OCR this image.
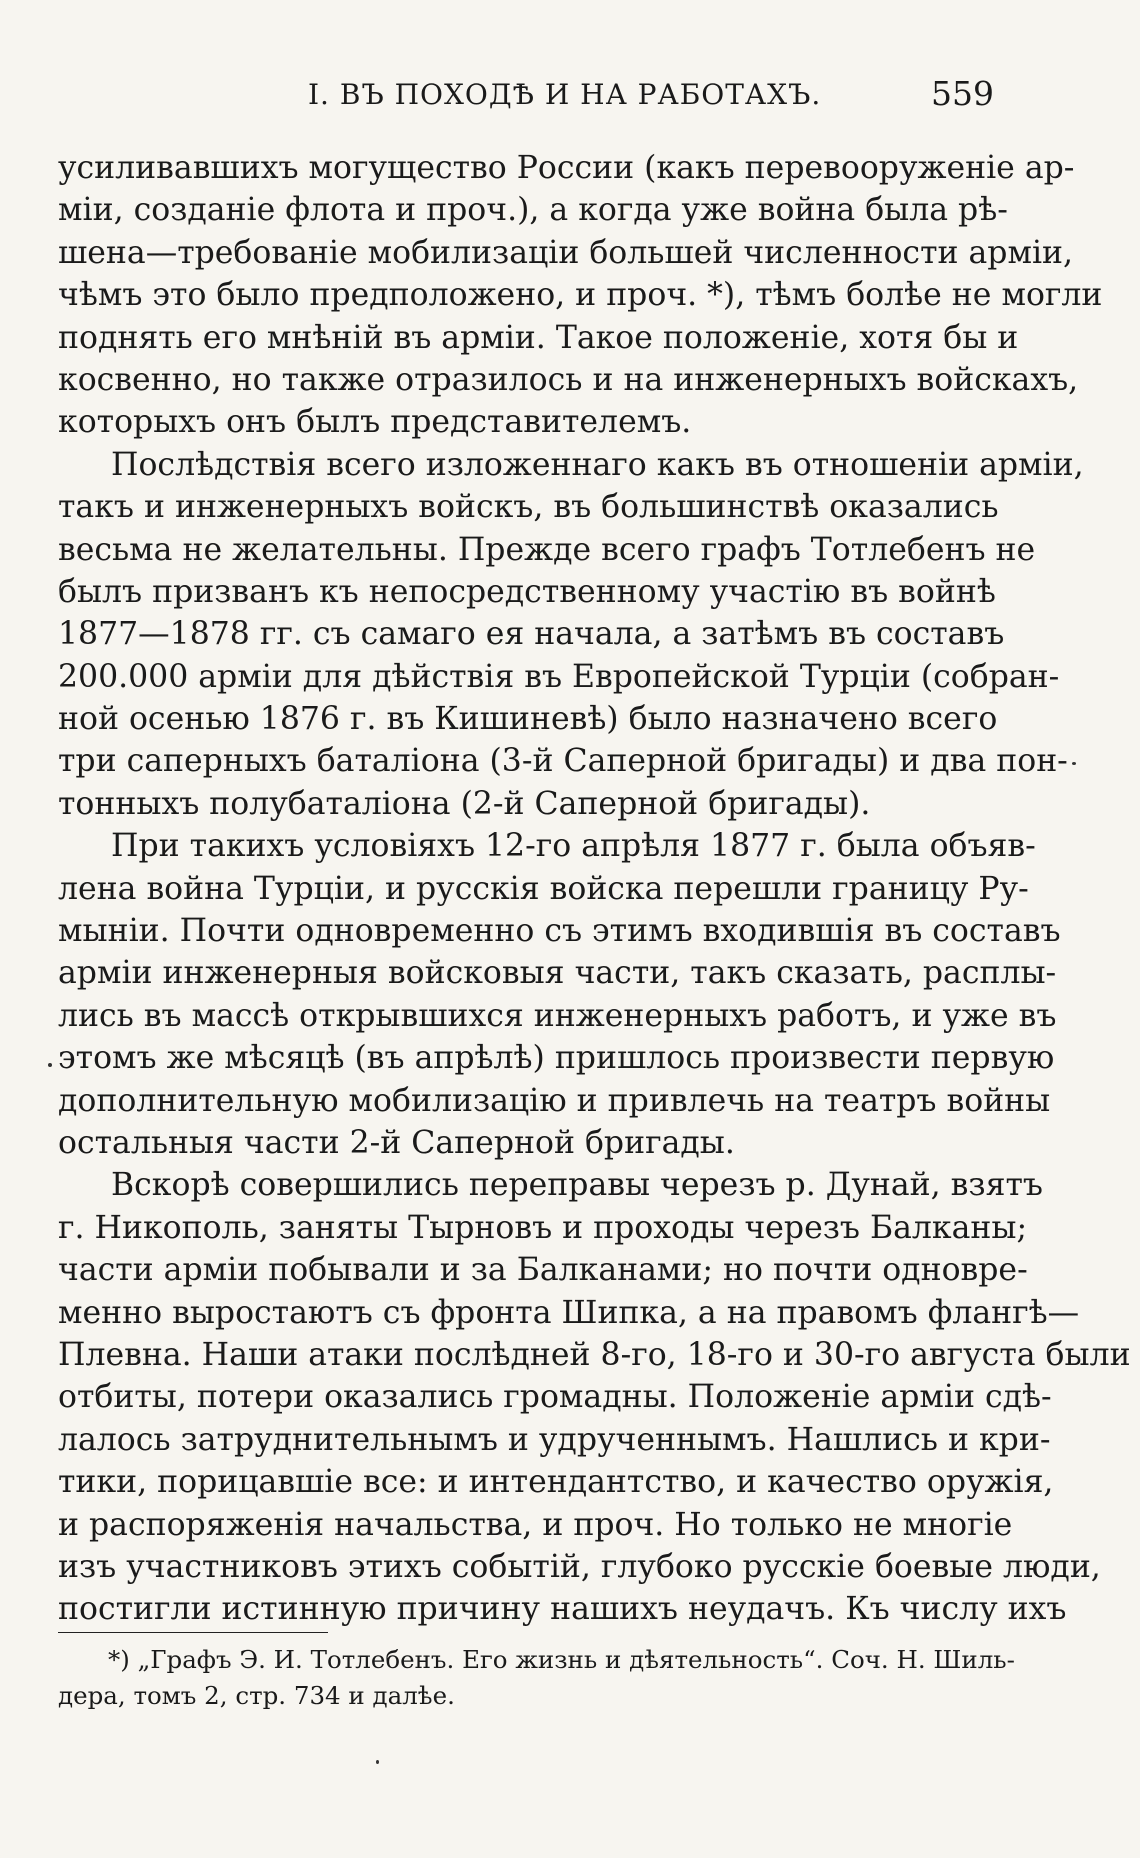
I. ВЪ ПОХОДѢ И НА РАБОТАХЪ.	559
усиливавшихъ могущество России (какъ перевооруженіе ар-
міи, созданіе флота и проч.), а когда уже война была рѣ-
шена—требованіе мобилизаціи большей численности арміи,
чѣмъ это было предположено, и проч. *), тѣмъ болѣе не могли
поднять его мнѣній въ арміи. Такое положеніе, хотя бы и
косвенно, но также отразилось и на инженерныхъ войскахъ,
которыхъ онъ былъ представителемъ.
Послѣдствія всего изложеннаго какъ въ отношеніи арміи,
такъ и инженерныхъ войскъ, въ большинствѣ оказались
весьма не желательны. Прежде всего графъ Тотлебенъ не
былъ призванъ къ непосредственному участію въ войнѣ
1877—1878 гг. съ самаго ея начала, а затѣмъ въ составъ
200.000 арміи для дѣйствія въ Европейской Турціи (собран-
ной осенью 1876 г. въ Кишиневѣ) было назначено всего
три саперныхъ баталіона (3-й Саперной бригады) и два пон-
тонныхъ полубаталіона (2-й Саперной бригады).
При такихъ условіяхъ 12-го апрѣля 1877 г. была объяв-
лена война Турціи, и русскія войска перешли границу Ру-
мыніи. Почти одновременно съ этимъ входившія въ составъ
арміи инженерныя войсковыя части, такъ сказать, расплы-
лись въ массѣ открывшихся инженерныхъ работъ, и уже въ
этомъ же мѣсяцѣ (въ апрѣлѣ) пришлось произвести первую
дополнительную мобилизацію и привлечь на театръ войны
остальныя части 2-й Саперной бригады.
Вскорѣ совершились переправы черезъ р. Дунай, взятъ
г. Никополь, заняты Тырновъ и проходы черезъ Балканы;
части арміи побывали и за Балканами; но почти одновре-
менно выростаютъ съ фронта Шипка, а на правомъ флангѣ—
Плевна. Наши атаки послѣдней 8-го, 18-го и 30-го августа были
отбиты, потери оказались громадны. Положеніе арміи сдѣ-
лалось затруднительнымъ и удрученнымъ. Нашлись и кри-
тики, порицавшіе все: и интендантство, и качество оружія,
и распоряженія начальства, и проч. Но только не многіе
изъ участниковъ этихъ событій, глубоко русскіе боевые люди,
постигли истинную причину нашихъ неудачъ. Къ числу ихъ
*) „Графъ Э. И. Тотлебенъ. Его жизнь и дѣятельность“. Соч. Н. Шиль-
дера, томъ 2, стр. 734 и далѣе.
